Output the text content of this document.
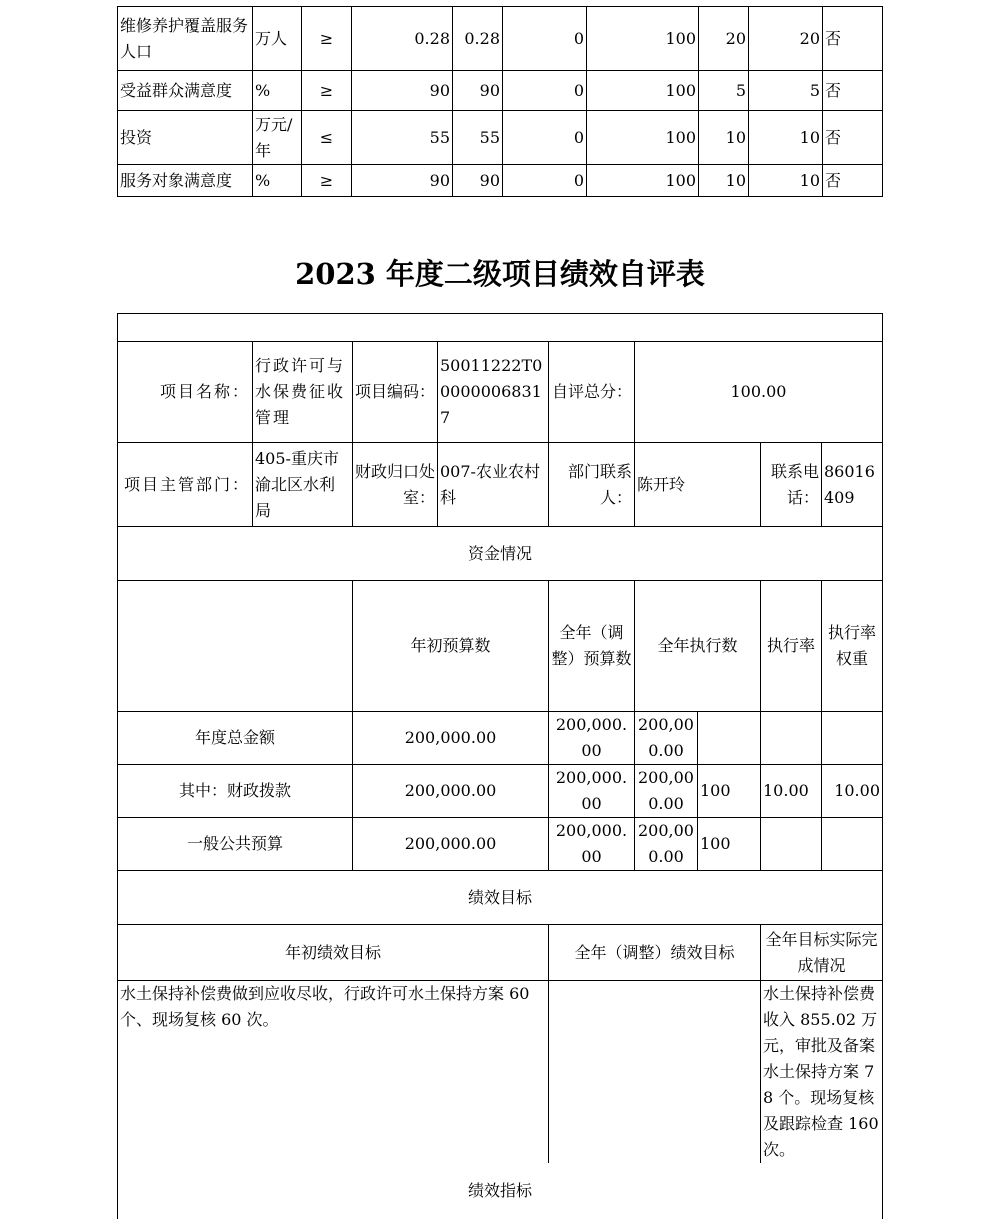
维修养护覆盖服务人口	万人	≥	0.28	0.28	0	100	20	20	否
受益群众满意度	%	≥	90	90	0	100	5	5	否
投资	万元/年	≤	55	55	0	100	10	10	否
服务对象满意度	%	≥	90	90	0	100	10	10	否
2023 年度二级项目绩效自评表

项目名称：	行政许可与水保费征收管理	项目编码：	50011222T000000068317	自评总分：	100.00				
项目主管部门：	405-重庆市渝北区水利局	财政归口处室：	007-农业农村科	部门联系人：	陈开玲		联系电话：	86016409	
资金情况									
		年初预算数		全年（调整）预算数	全年执行数		执行率	执行率权重	
年度总金额		200,000.00		200,000.00	200,000.00				
其中：财政拨款		200,000.00		200,000.00	200,000.00	100	10.00	10.00	
一般公共预算		200,000.00		200,000.00	200,000.00	100			
绩效目标									
年初绩效目标				全年（调整）绩效目标			全年目标实际完成情况		
水土保持补偿费做到应收尽收，行政许可水土保持方案 60 个、现场复核 60 次。							水土保持补偿费收入 855.02 万元，审批及备案水土保持方案 78 个。现场复核及跟踪检查 160 次。		
绩效指标									
